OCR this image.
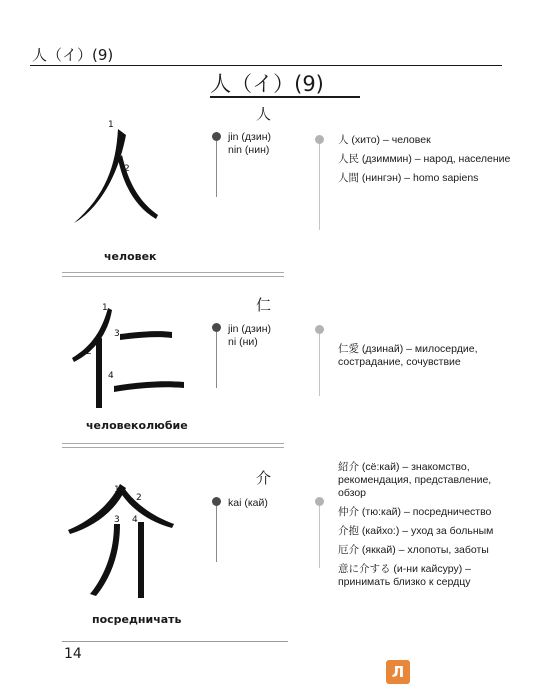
人（イ）(9)
人（イ）(9)
人
1
2
человек
jin (дзин)
nin (нин)
人 (хито) – человек
人民 (дзиммин) – народ, население
人間 (нингэн) – homo sapiens
仁
1
2
3
4
человеколюбие
jin (дзин)
ni (ни)
仁愛 (дзинай) – милосердие, сострадание, сочувствие
介
1
2
3 4
посредничать
kai (кай)
紹介 (сё:кай) – знакомство, рекомендация, представление, обзор
仲介 (тю:кай) – посредничество
介抱 (кайхо:) – уход за больным
厄介 (яккай) – хлопоты, заботы
意に介する (и-ни кайсуру) – принимать близко к сердцу
14
Л
